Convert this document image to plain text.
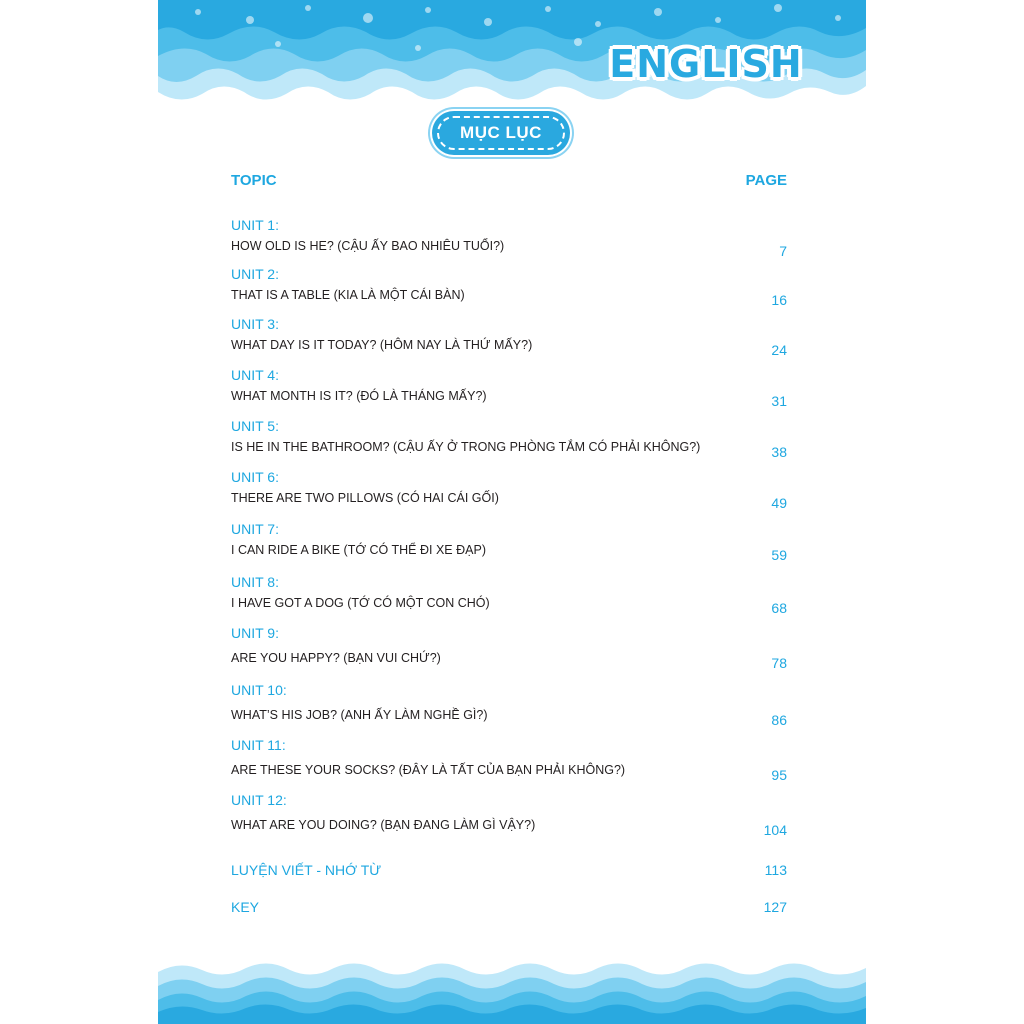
ENGLISH
MỤC LỤC
TOPIC	PAGE
UNIT 1:
HOW OLD IS HE? (CẬU ẤY BAO NHIÊU TUỔI?)	7
UNIT 2:
THAT IS A TABLE (KIA LÀ MỘT CÁI BÀN)	16
UNIT 3:
WHAT DAY IS IT TODAY? (HÔM NAY LÀ THỨ MẤY?)	24
UNIT 4:
WHAT MONTH IS IT? (ĐÓ LÀ THÁNG MẤY?)	31
UNIT 5:
IS HE IN THE BATHROOM? (CẬU ẤY Ở TRONG PHÒNG TẮM CÓ PHẢI KHÔNG?)	38
UNIT 6:
THERE ARE TWO PILLOWS (CÓ HAI CÁI GỐI)	49
UNIT 7:
I CAN RIDE A BIKE (TỚ CÓ THỂ ĐI XE ĐẠP)	59
UNIT 8:
I HAVE GOT A DOG (TỚ CÓ MỘT CON CHÓ)	68
UNIT 9:
ARE YOU HAPPY? (BẠN VUI CHỨ?)	78
UNIT 10:
WHAT’S HIS JOB? (ANH ẤY LÀM NGHỀ GÌ?)	86
UNIT 11:
ARE THESE YOUR SOCKS? (ĐÂY LÀ TẤT CỦA BẠN PHẢI KHÔNG?)	95
UNIT 12:
WHAT ARE YOU DOING? (BẠN ĐANG LÀM GÌ VẬY?)	104
LUYỆN VIẾT - NHỚ TỪ	113
KEY	127
